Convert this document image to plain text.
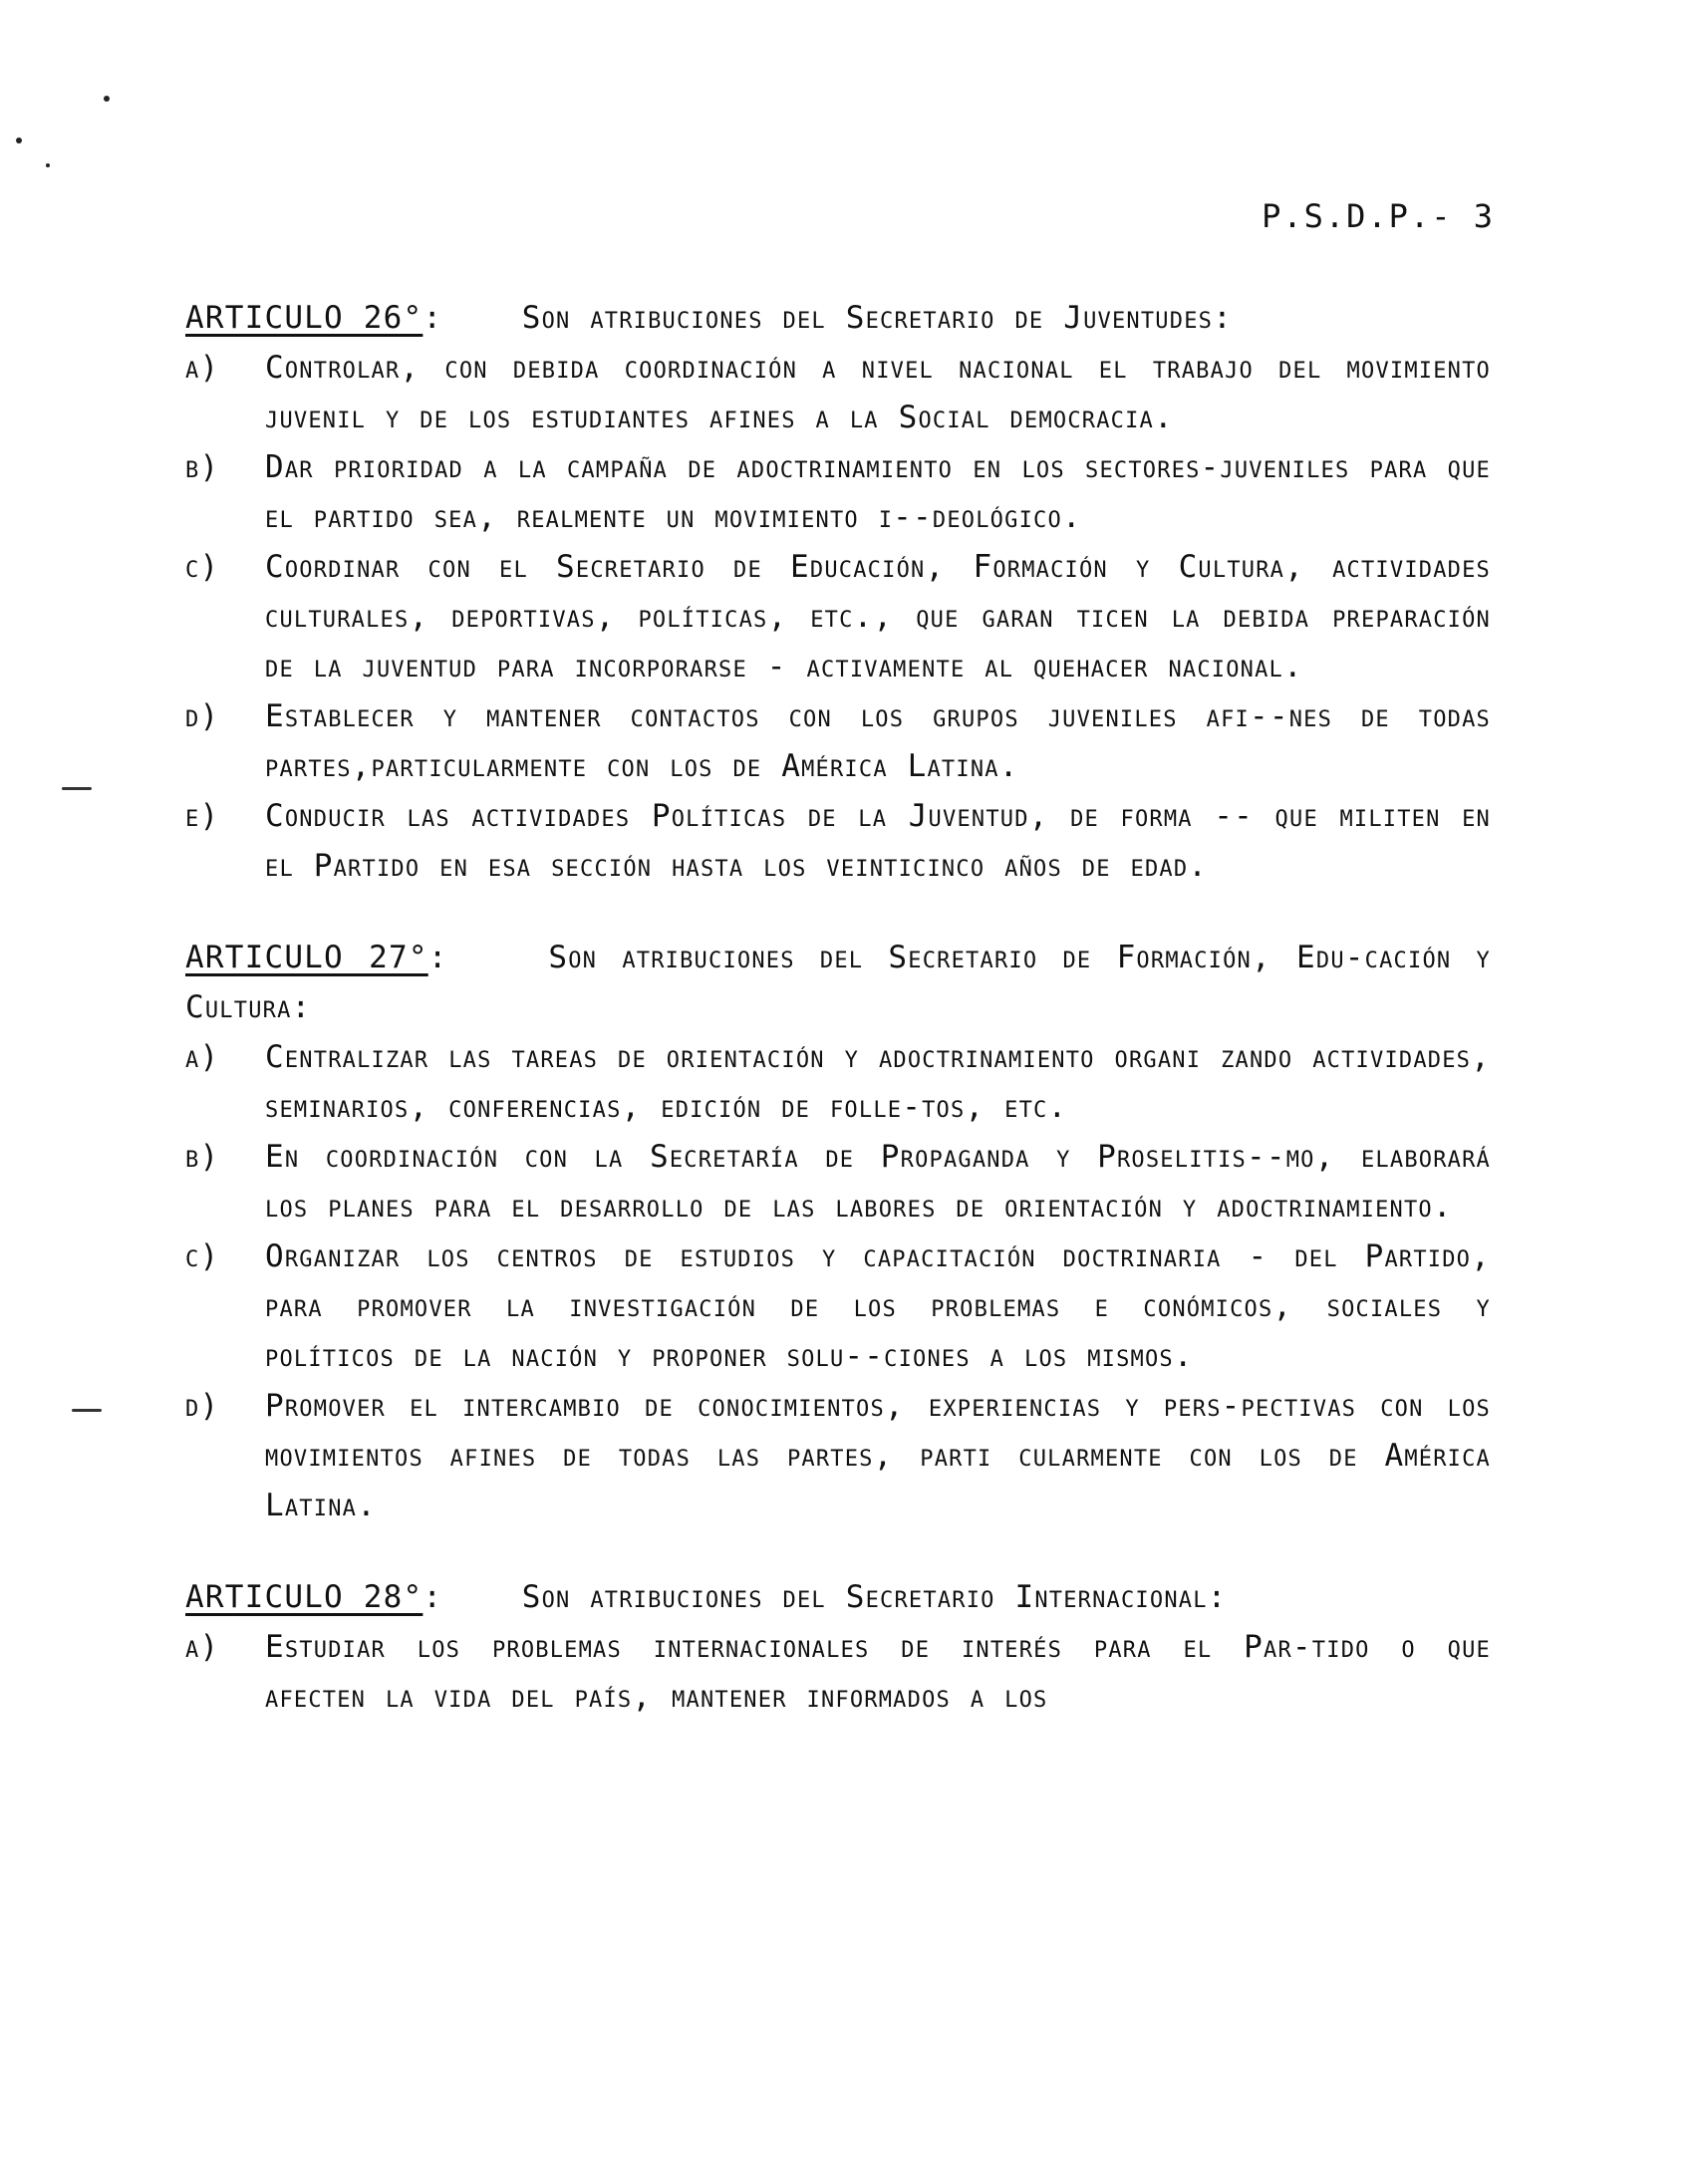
P.S.D.P.- 3
ARTICULO 26°:    Son atribuciones del Secretario de Juventudes:
a)	Controlar, con debida coordinación a nivel nacional el trabajo del movimiento juvenil y de los estudiantes afines a la Social democracia.
b)	Dar prioridad a la campaña de adoctrinamiento en los sectores-juveniles para que el partido sea, realmente un movimiento i--deológico.
c)	Coordinar con el Secretario de Educación, Formación y Cultura, actividades culturales, deportivas, políticas, etc., que garan ticen la debida preparación de la juventud para incorporarse - activamente al quehacer nacional.
d)	Establecer y mantener contactos con los grupos juveniles afi--nes de todas partes,particularmente con los de América Latina.
e)	Conducir las actividades Políticas de la Juventud, de forma -- que militen en el Partido en esa sección hasta los veinticinco años de edad.
ARTICULO 27°:    Son atribuciones del Secretario de Formación, Edu-cación y Cultura:
a)	Centralizar las tareas de orientación y adoctrinamiento organi zando actividades, seminarios, conferencias, edición de folle-tos, etc.
b)	En coordinación con la Secretaría de Propaganda y Proselitis--mo, elaborará los planes para el desarrollo de las labores de orientación y adoctrinamiento.
c)	Organizar los centros de estudios y capacitación doctrinaria - del Partido, para promover la investigación de los problemas e conómicos, sociales y políticos de la nación y proponer solu--ciones a los mismos.
d)	Promover el intercambio de conocimientos, experiencias y pers-pectivas con los movimientos afines de todas las partes, parti cularmente con los de América Latina.
ARTICULO 28°:    Son atribuciones del Secretario Internacional:
a)	Estudiar los problemas internacionales de interés para el Par-tido o que afecten la vida del país, mantener informados a los
